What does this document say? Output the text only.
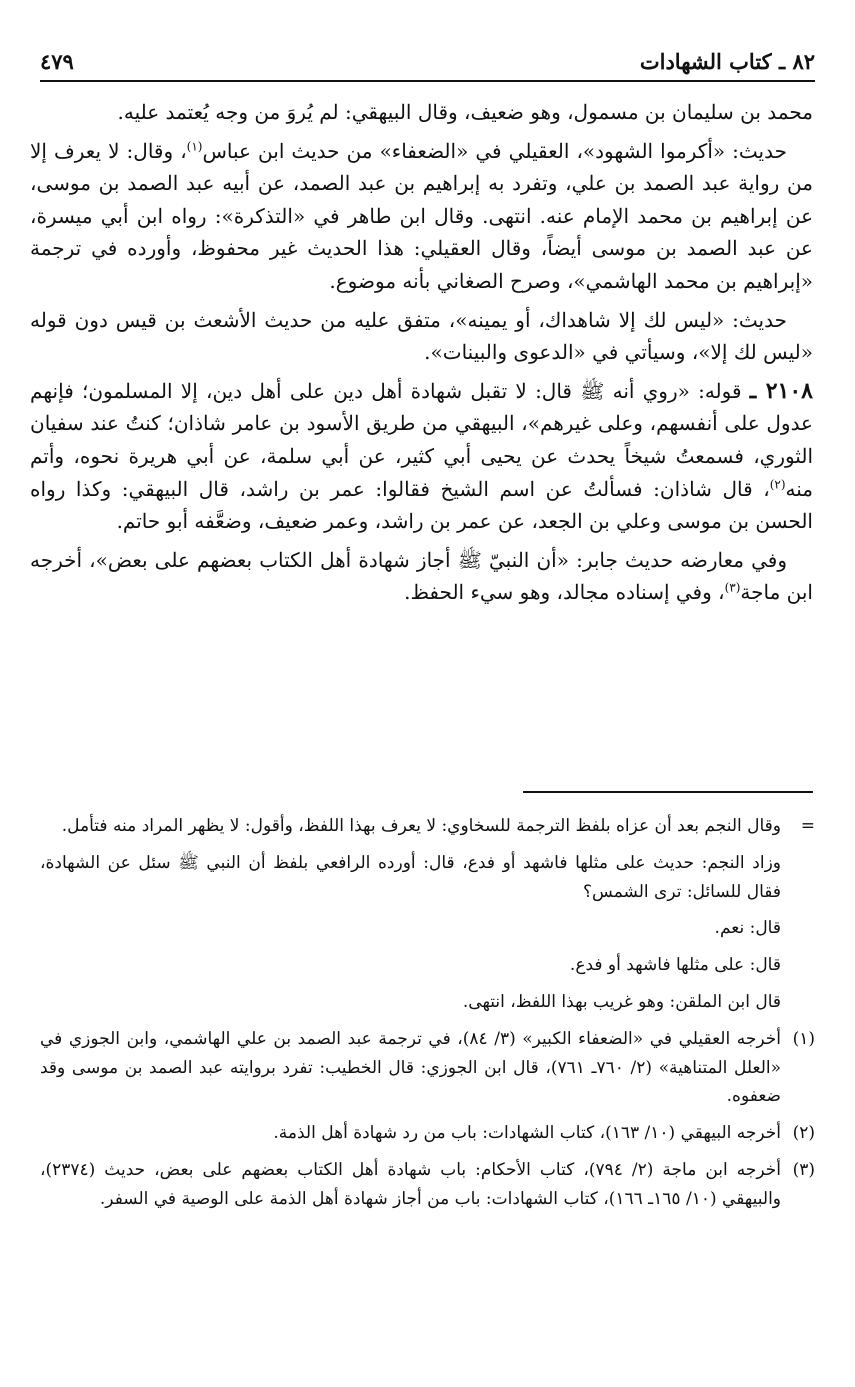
٨٢ ـ كتاب الشهادات
٤٧٩

محمد بن سليمان بن مسمول، وهو ضعيف، وقال البيهقي: لم يُروَ من وجه يُعتمد عليه.

حديث: «أكرموا الشهود»، العقيلي في «الضعفاء» من حديث ابن عباس$^{(١)}$، وقال: لا يعرف إلا من رواية عبد الصمد بن علي، وتفرد به إبراهيم بن عبد الصمد، عن أبيه عبد الصمد بن موسى، عن إبراهيم بن محمد الإمام عنه. انتهى. وقال ابن طاهر في «التذكرة»: رواه ابن أبي ميسرة، عن عبد الصمد بن موسى أيضاً، وقال العقيلي: هذا الحديث غير محفوظ، وأورده في ترجمة «إبراهيم بن محمد الهاشمي»، وصرح الصغاني بأنه موضوع.

حديث: «ليس لك إلا شاهداك، أو يمينه»، متفق عليه من حديث الأشعث بن قيس دون قوله «ليس لك إلا»، وسيأتي في «الدعوى والبينات».

٢١٠٨ ـ قوله: «روي أنه ﷺ قال: لا تقبل شهادة أهل دين على أهل دين، إلا المسلمون؛ فإنهم عدول على أنفسهم، وعلى غيرهم»، البيهقي من طريق الأسود بن عامر شاذان؛ كنتُ عند سفيان الثوري، فسمعتُ شيخاً يحدث عن يحيى أبي كثير، عن أبي سلمة، عن أبي هريرة نحوه، وأتم منه$^{(٢)}$، قال شاذان: فسألتُ عن اسم الشيخ فقالوا: عمر بن راشد، قال البيهقي: وكذا رواه الحسن بن موسى وعلي بن الجعد، عن عمر بن راشد، وعمر ضعيف، وضعَّفه أبو حاتم.

وفي معارضه حديث جابر: «أن النبيّ ﷺ أجاز شهادة أهل الكتاب بعضهم على بعض»، أخرجه ابن ماجة$^{(٣)}$، وفي إسناده مجالد، وهو سيء الحفظ.

=

وقال النجم بعد أن عزاه بلفظ الترجمة للسخاوي: لا يعرف بهذا اللفظ، وأقول: لا يظهر المراد منه فتأمل.

وزاد النجم: حديث على مثلها فاشهد أو فدع، قال: أورده الرافعي بلفظ أن النبي ﷺ سئل عن الشهادة، فقال للسائل: ترى الشمس؟

قال: نعم.

قال: على مثلها فاشهد أو فدع.

قال ابن الملقن: وهو غريب بهذا اللفظ، انتهى.

(١)
أخرجه العقيلي في «الضعفاء الكبير» (٣/ ٨٤)، في ترجمة عبد الصمد بن علي الهاشمي، وابن الجوزي في «العلل المتناهية» (٢/ ٧٦٠ـ ٧٦١)، قال ابن الجوزي: قال الخطيب: تفرد بروايته عبد الصمد بن موسى وقد ضعفوه.
(٢)
أخرجه البيهقي (١٠/ ١٦٣)، كتاب الشهادات: باب من رد شهادة أهل الذمة.
(٣)
أخرجه ابن ماجة (٢/ ٧٩٤)، كتاب الأحكام: باب شهادة أهل الكتاب بعضهم على بعض، حديث (٢٣٧٤)، والبيهقي (١٠/ ١٦٥ـ ١٦٦)، كتاب الشهادات: باب من أجاز شهادة أهل الذمة على الوصية في السفر.
